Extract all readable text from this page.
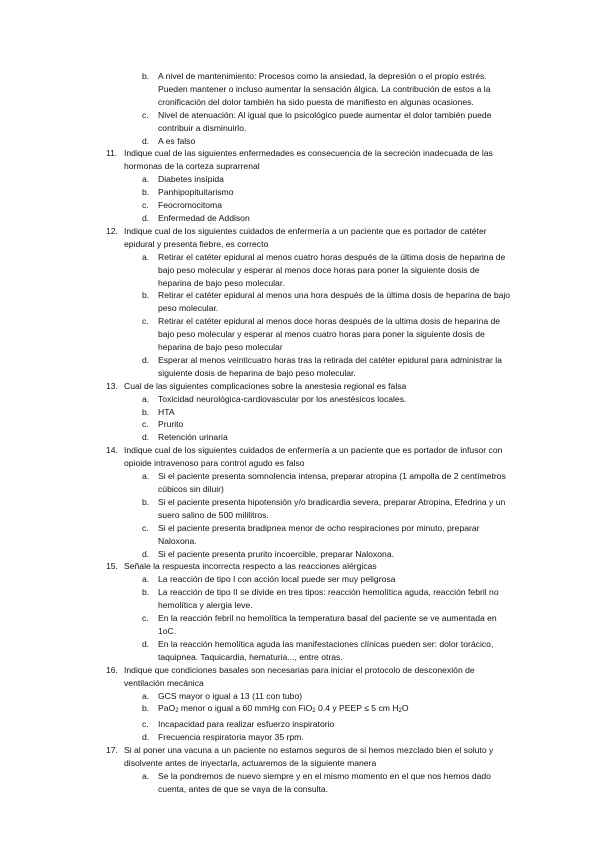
b. A nivel de mantenimiento: Procesos como la ansiedad, la depresión o el propio estrés. Pueden mantener o incluso aumentar la sensación álgica. La contribución de estos a la cronificación del dolor también ha sido puesta de manifiesto en algunas ocasiones.
c. Nivel de atenuación: Al igual que lo psicológico puede aumentar el dolor también puede contribuir a disminuirlo.
d. A es falso
11. Indique cual de las siguientes enfermedades es consecuencia de la secreción inadecuada de las hormonas de la corteza suprarrenal
a. Diabetes insípida
b. Panhipopituitarismo
c. Feocromocitoma
d. Enfermedad de Addison
12. Indique cual de los siguientes cuidados de enfermería a un paciente que es portador de catéter epidural y presenta fiebre, es correcto
a. Retirar el catéter epidural al menos cuatro horas después de la última dosis de heparina de bajo peso molecular y esperar al menos doce horas para poner la siguiente dosis de heparina de bajo peso molecular.
b. Retirar el catéter epidural al menos una hora después de la última dosis de heparina de bajo peso molecular.
c. Retirar el catéter epidural al menos doce horas después de la ultima dosis de heparina de bajo peso molecular y esperar al menos cuatro horas para poner la siguiente dosis de heparina de bajo peso molecular
d. Esperar al menos veinticuatro horas tras la retirada del catéter epidural para administrar la siguiente dosis de heparina de bajo peso molecular.
13. Cual de las siguientes complicaciones sobre la anestesia regional es falsa
a. Toxicidad neurológica-cardiovascular por los anestésicos locales.
b. HTA
c. Prurito
d. Retención urinaria
14. Indique cual de los siguientes cuidados de enfermería a un paciente que es portador de infusor con opioide intravenoso para control agudo es falso
a. Si el paciente presenta somnolencia intensa, preparar atropina (1 ampolla de 2 centímetros cúbicos sin diluir)
b. Si el paciente presenta hipotensión y/o bradicardia severa, preparar Atropina, Efedrina y un suero salino de 500 mililitros.
c. Si el paciente presenta bradipnea menor de ocho respiraciones por minuto, preparar Naloxona.
d. Si el paciente presenta prurito incoercible, preparar Naloxona.
15. Señale la respuesta incorrecta respecto a las reacciones alérgicas
a. La reacción de tipo I con acción local puede ser muy peligrosa
b. La reacción de tipo II se divide en tres tipos: reacción hemolítica aguda, reacción febril no hemolítica y alergia leve.
c. En la reacción febril no hemolítica la temperatura basal del paciente se ve aumentada en 1oC.
d. En la reacción hemolítica aguda las manifestaciones clínicas pueden ser: dolor torácico, taquipnea. Taquicardia, hematuria..., entre otras.
16. Indique que condiciones basales son necesarias para iniciar el protocolo de desconexión de ventilación mecánica
a. GCS mayor o igual a 13 (11 con tubo)
b. PaO2 menor o igual a 60 mmHg con FiO2 0.4 y PEEP ≤ 5 cm H2O
c. Incapacidad para realizar esfuerzo inspiratorio
d. Frecuencia respiratoria mayor 35 rpm.
17. Si al poner una vacuna a un paciente no estamos seguros de si hemos mezclado bien el soluto y disolvente antes de inyectarla, actuaremos de la siguiente manera
a. Se la pondremos de nuevo siempre y en el mismo momento en el que nos hemos dado cuenta, antes de que se vaya de la consulta.
